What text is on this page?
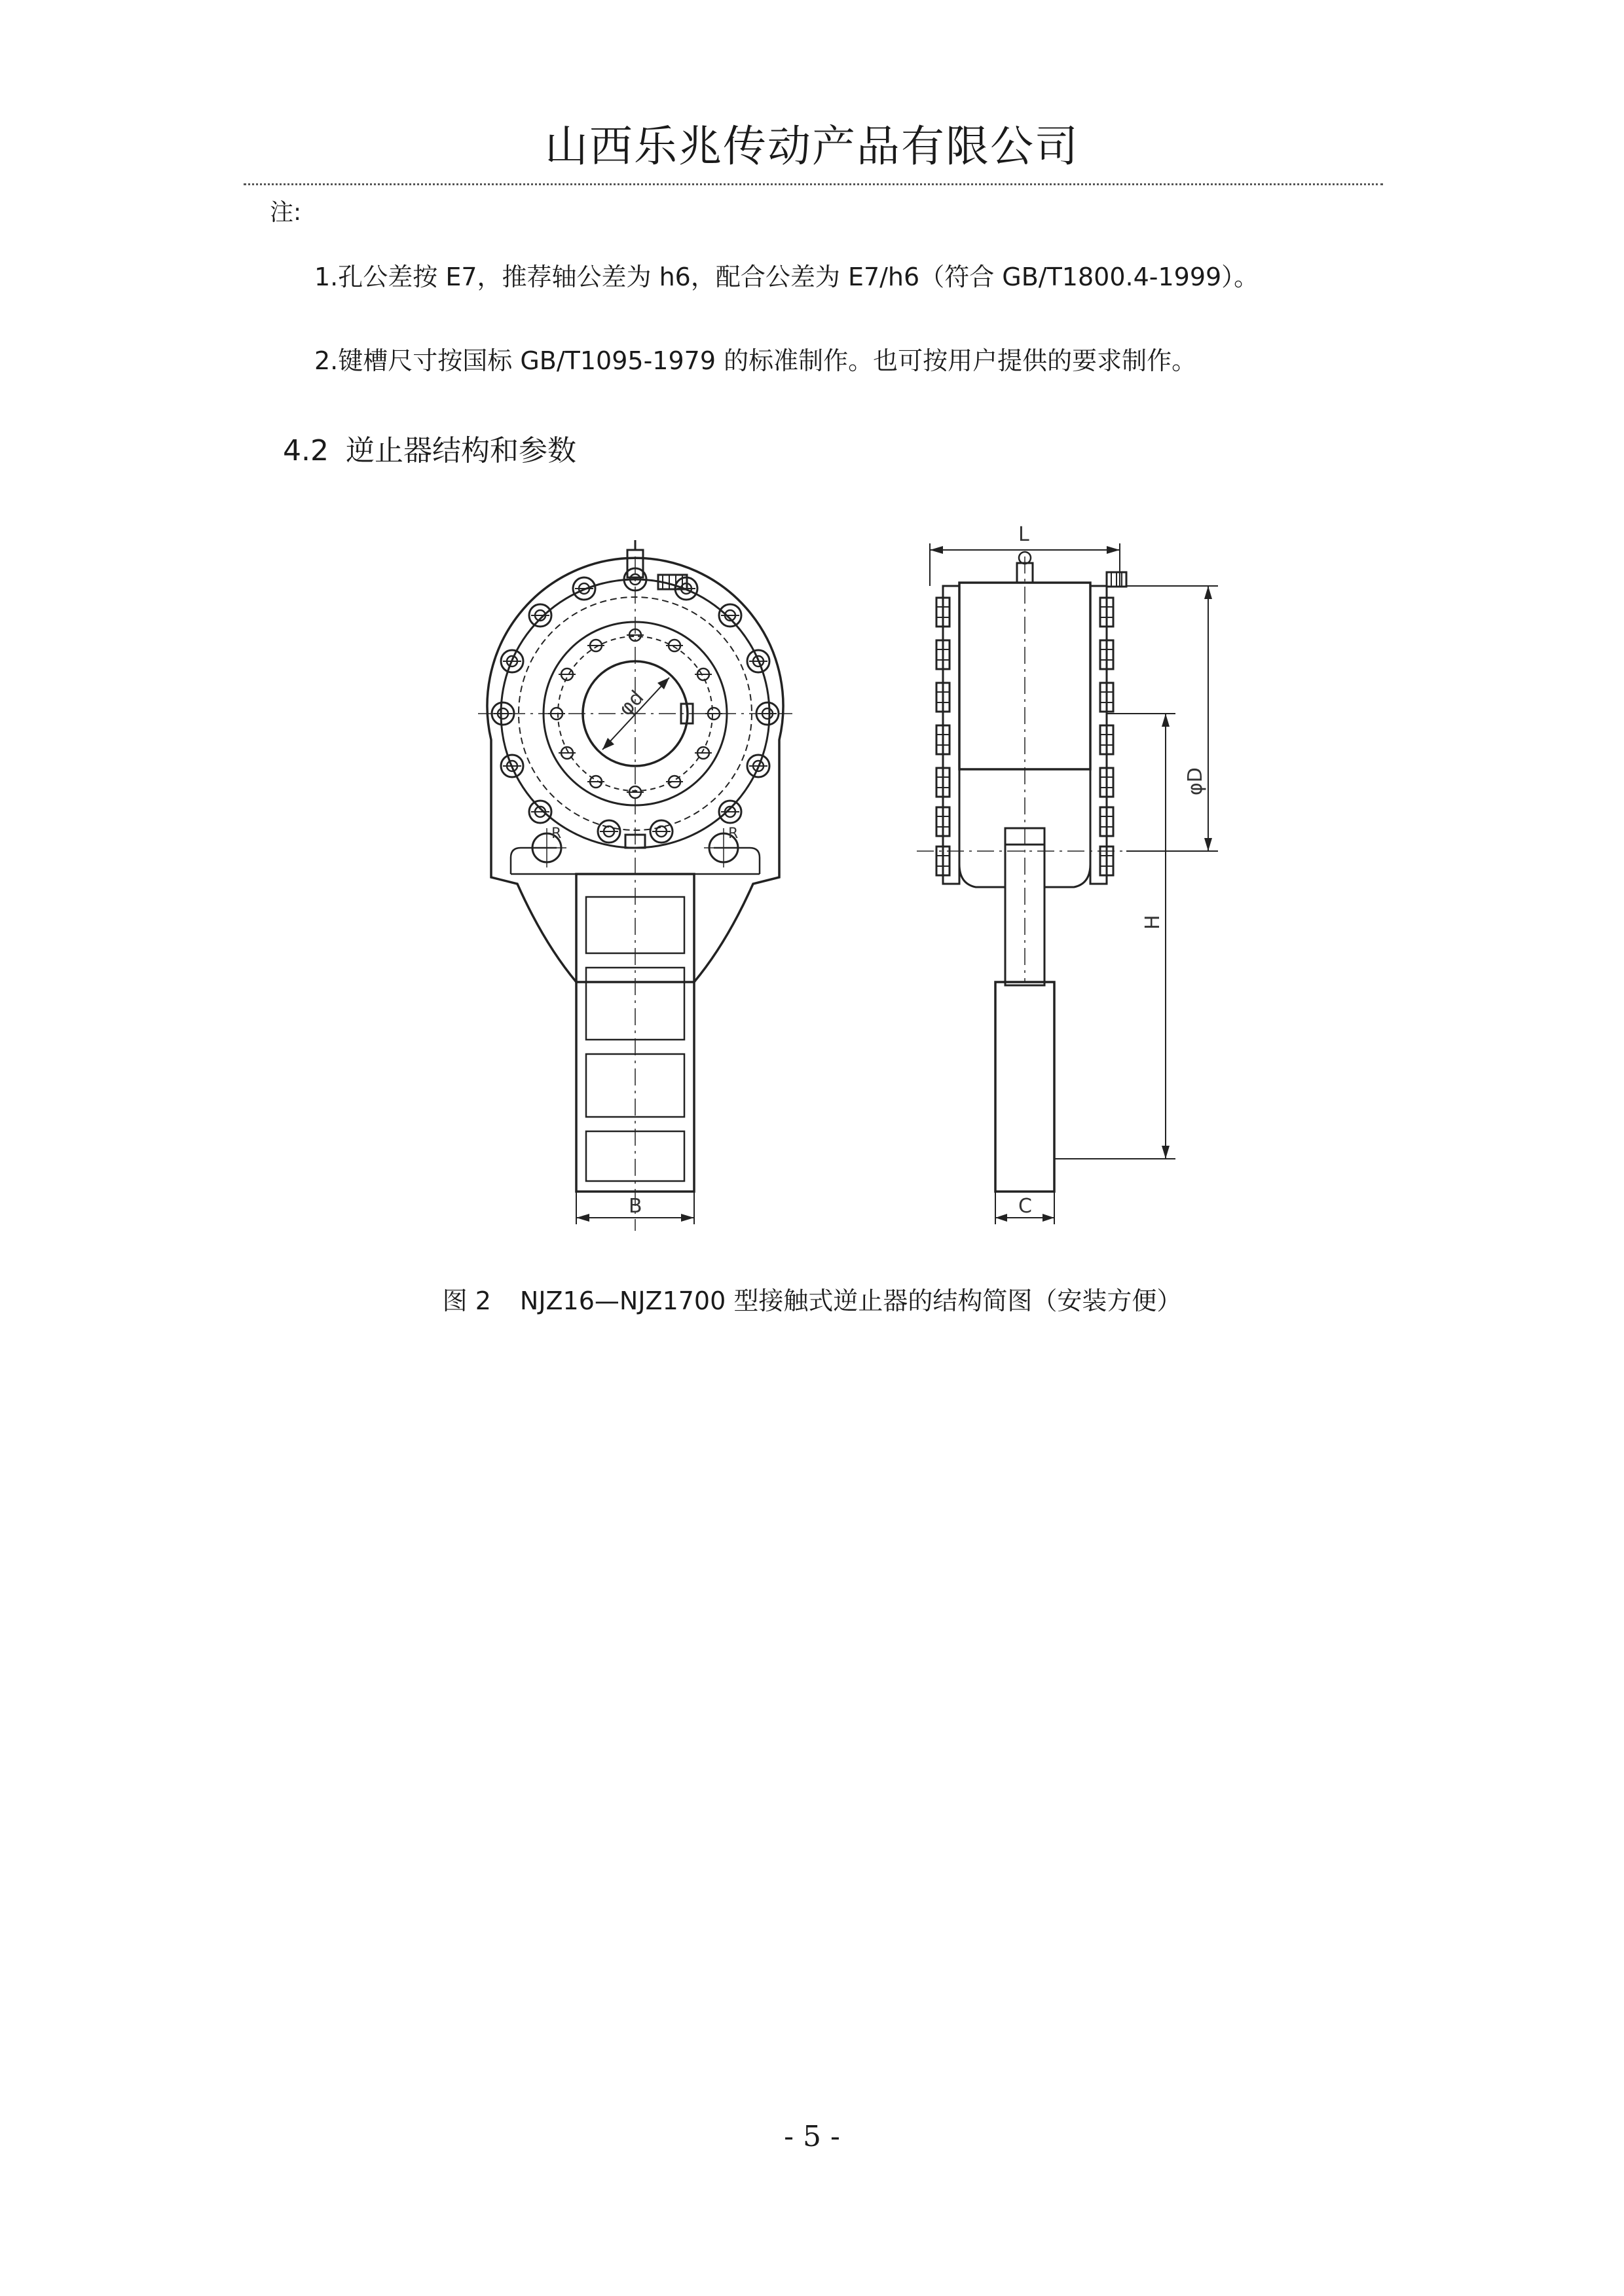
山西乐兆传动产品有限公司
注:
1.孔公差按 E7，推荐轴公差为 h6，配合公差为 E7/h6（符合 GB/T1800.4-1999）。
2.键槽尺寸按国标 GB/T1095-1979 的标准制作。也可按用户提供的要求制作。
4.2 逆止器结构和参数
φd
R	R
B
L
φD
H
C
图 2 NJZ16—NJZ1700 型接触式逆止器的结构简图（安装方便）
- 5 -
